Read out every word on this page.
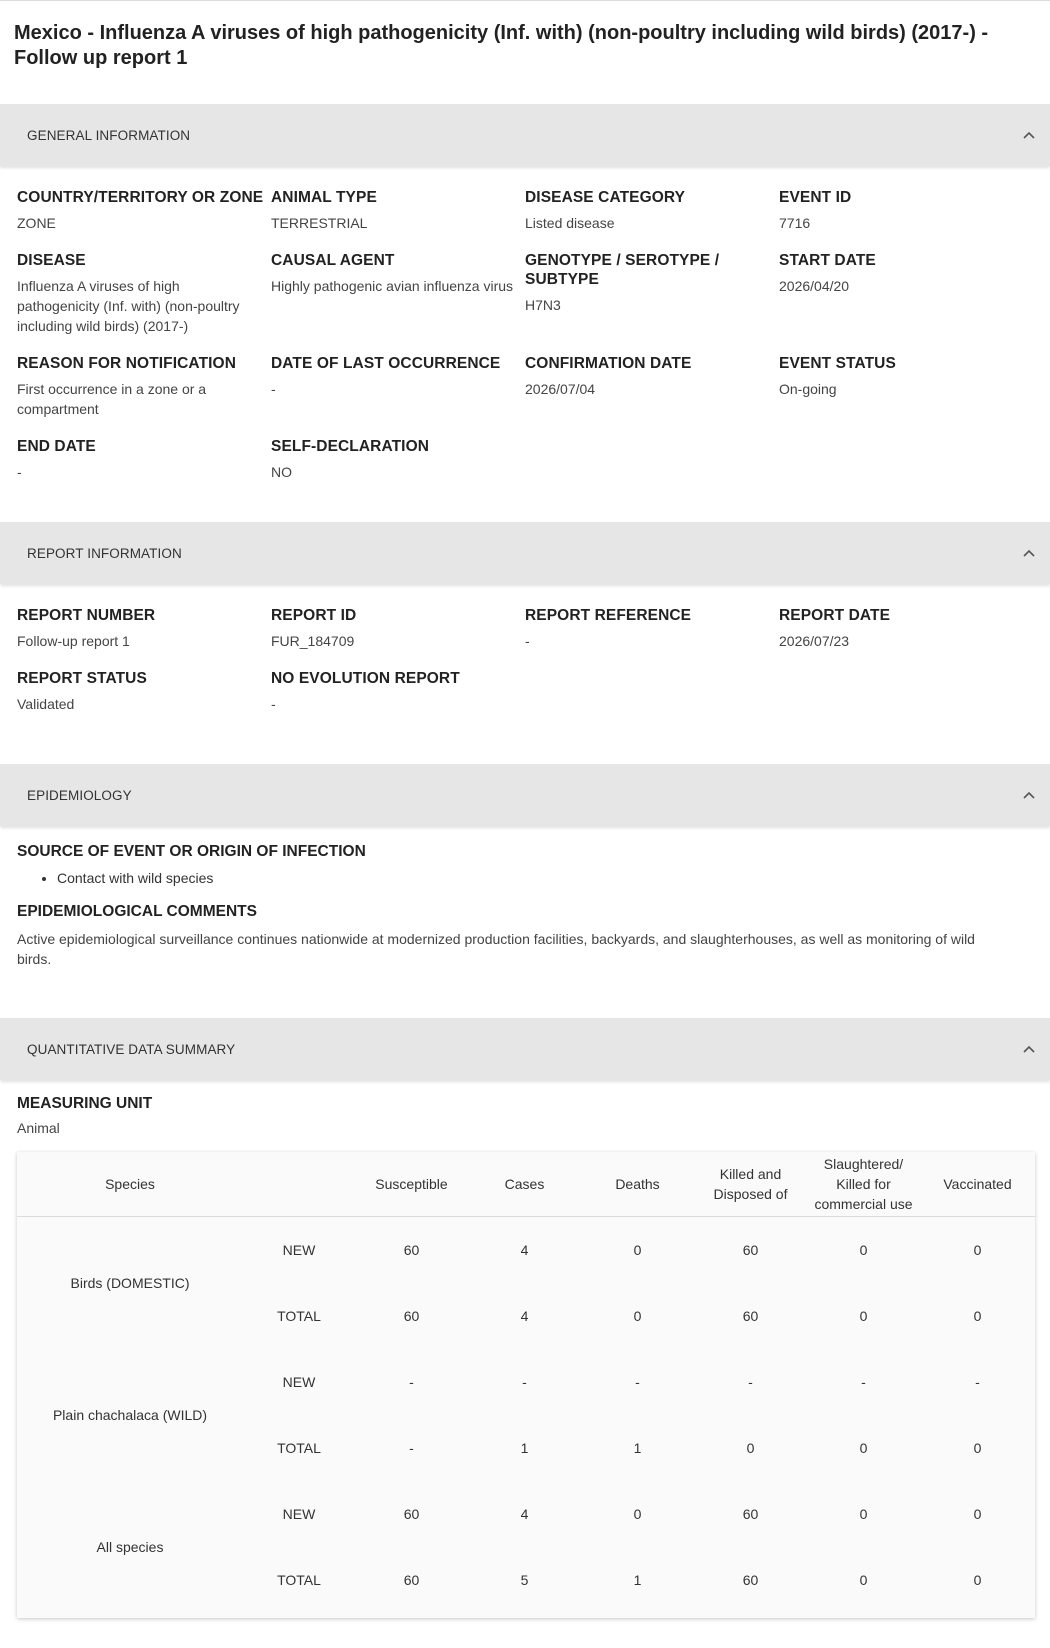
Mexico - Influenza A viruses of high pathogenicity (Inf. with) (non-poultry including wild birds) (2017-) - Follow up report 1
GENERAL INFORMATION
COUNTRY/TERRITORY OR ZONE
ZONE
ANIMAL TYPE
TERRESTRIAL
DISEASE CATEGORY
Listed disease
EVENT ID
7716
DISEASE
Influenza A viruses of high pathogenicity (Inf. with) (non-poultry including wild birds) (2017-)
CAUSAL AGENT
Highly pathogenic avian influenza virus
GENOTYPE / SEROTYPE / SUBTYPE
H7N3
START DATE
2026/04/20
REASON FOR NOTIFICATION
First occurrence in a zone or a compartment
DATE OF LAST OCCURRENCE
-
CONFIRMATION DATE
2026/07/04
EVENT STATUS
On-going
END DATE
-
SELF-DECLARATION
NO
REPORT INFORMATION
REPORT NUMBER
Follow-up report 1
REPORT ID
FUR_184709
REPORT REFERENCE
-
REPORT DATE
2026/07/23
REPORT STATUS
Validated
NO EVOLUTION REPORT
-
EPIDEMIOLOGY
SOURCE OF EVENT OR ORIGIN OF INFECTION
• Contact with wild species
EPIDEMIOLOGICAL COMMENTS
Active epidemiological surveillance continues nationwide at modernized production facilities, backyards, and slaughterhouses, as well as monitoring of wild birds.
QUANTITATIVE DATA SUMMARY
MEASURING UNIT
Animal
Species		Susceptible	Cases	Deaths	Killed and Disposed of	Slaughtered/ Killed for commercial use	Vaccinated

Birds (DOMESTIC)	NEW	60	4	0	60	0	0
	TOTAL	60	4	0	60	0	0
Plain chachalaca (WILD)	NEW	-	-	-	-	-	-
	TOTAL	-	1	1	0	0	0
All species	NEW	60	4	0	60	0	0
	TOTAL	60	5	1	60	0	0
